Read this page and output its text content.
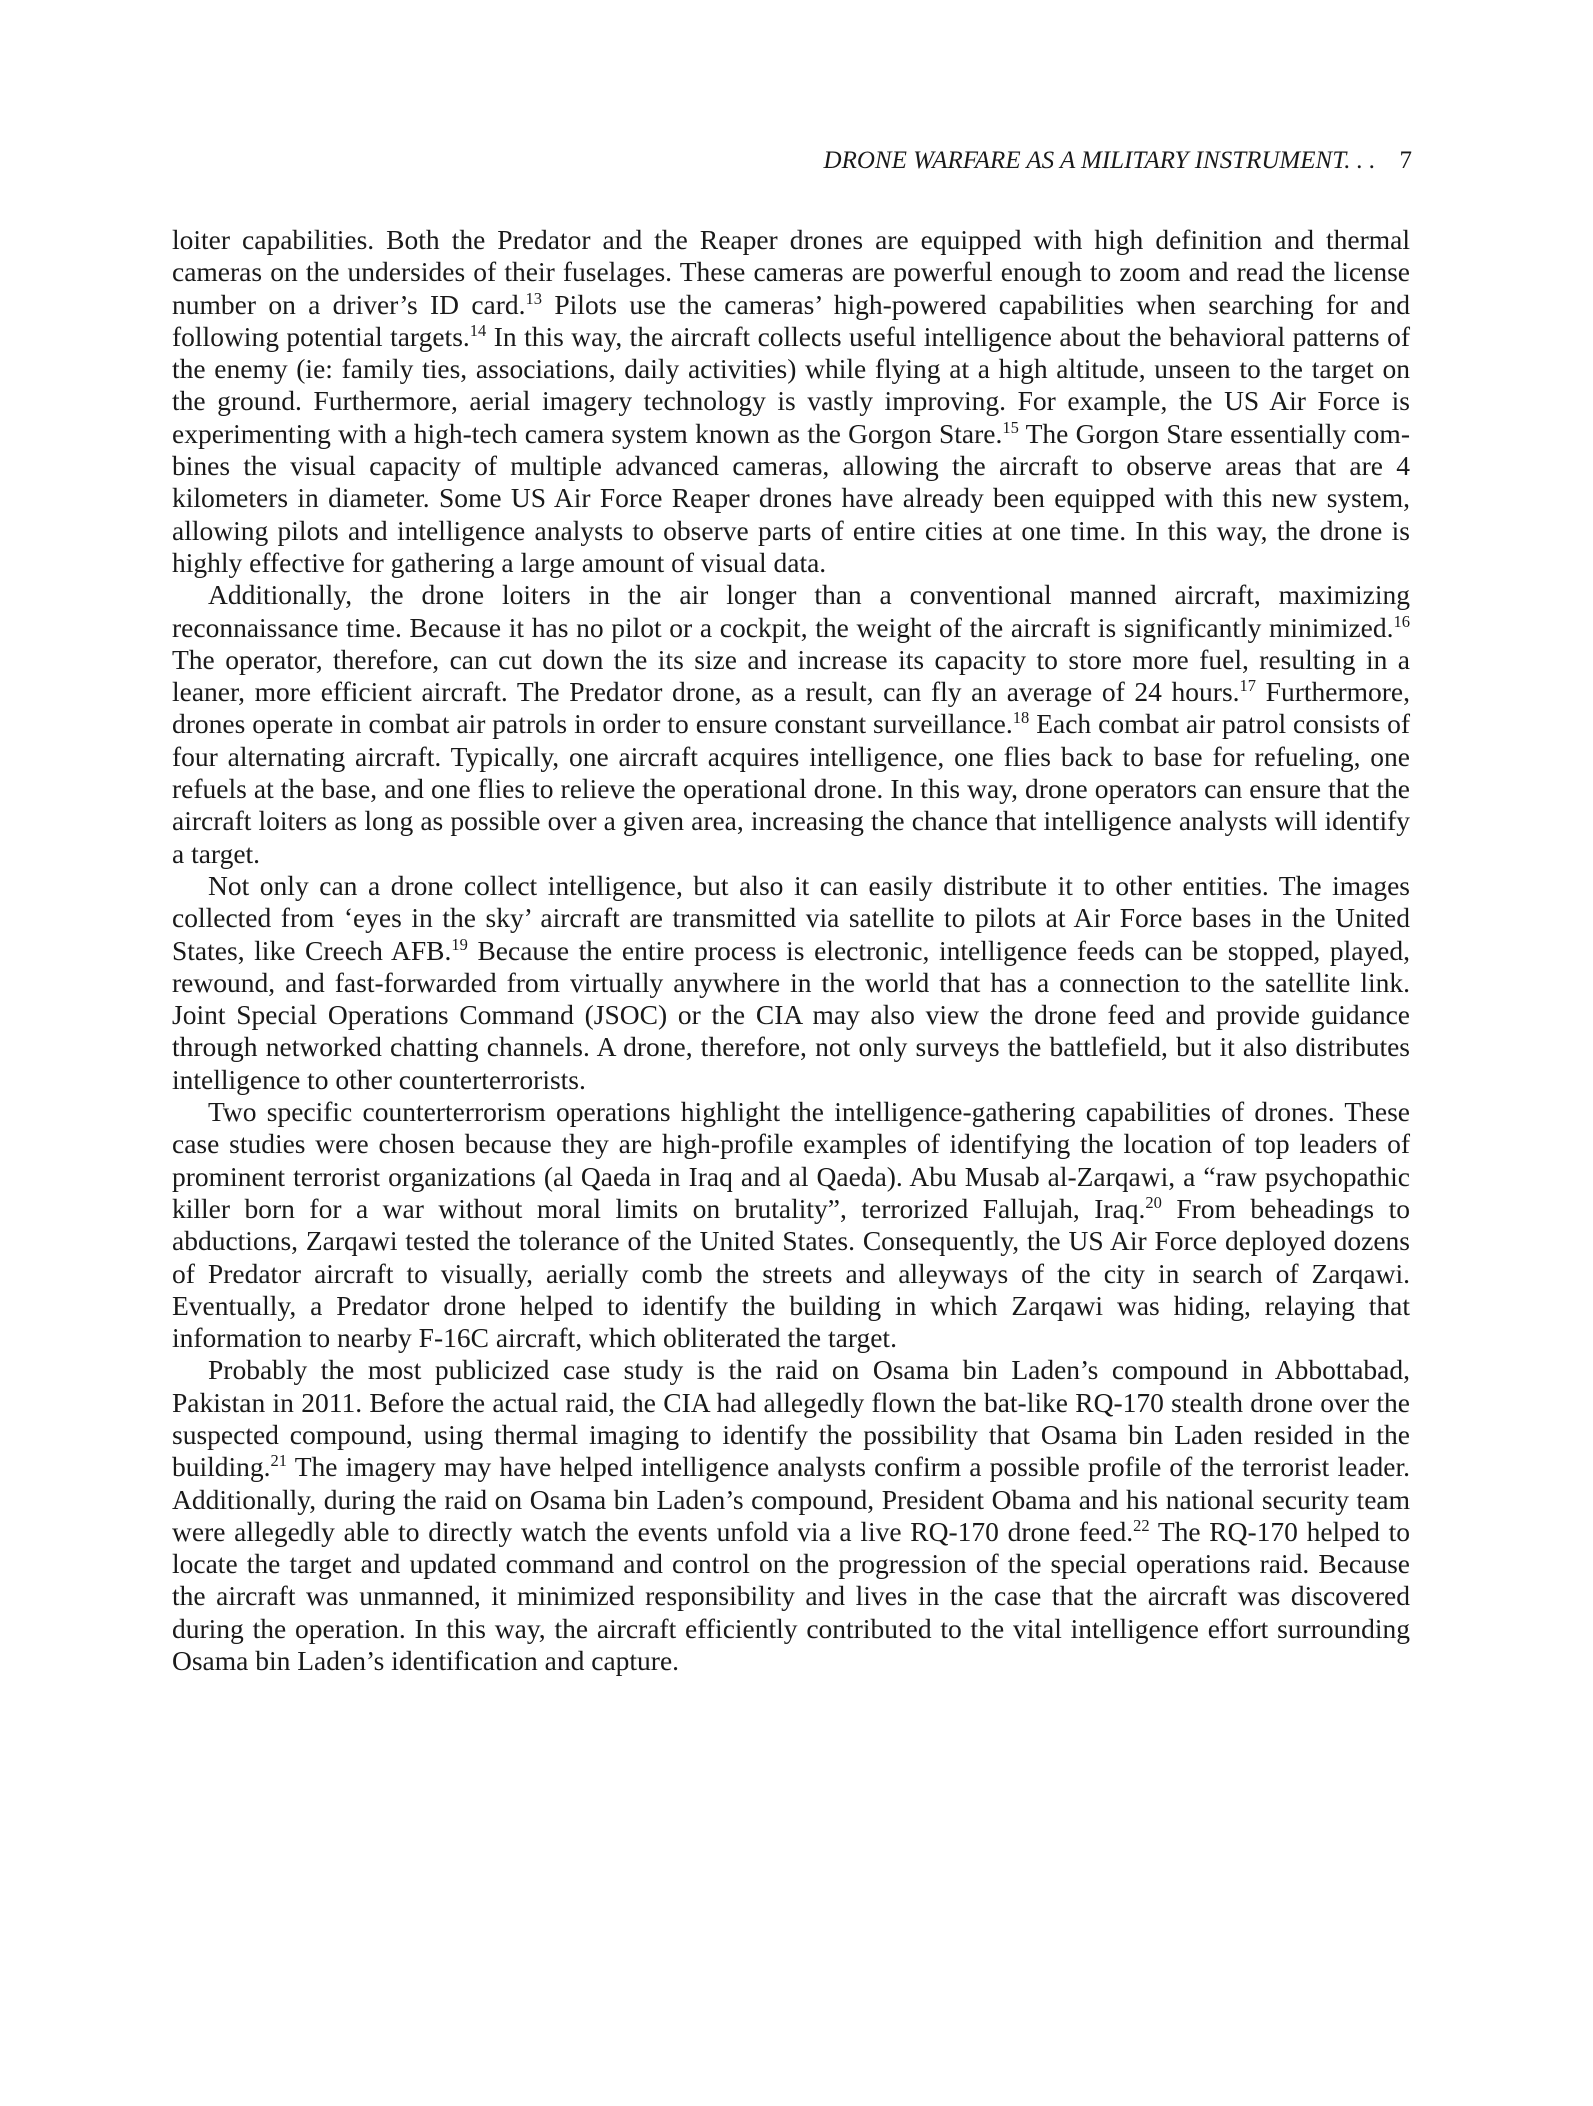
DRONE WARFARE AS A MILITARY INSTRUMENT. . . 7

loiter capabilities. Both the Predator and the Reaper drones are equipped with high definition and thermal cameras on the undersides of their fuselages. These cameras are powerful enough to zoom and read the license number on a driver’s ID card.$^{13}$ Pilots use the cameras’ high-powered capabilities when searching for and following potential targets.$^{14}$ In this way, the aircraft collects useful intelligence about the behavioral patterns of the enemy (ie: family ties, associations, daily activities) while flying at a high altitude, unseen to the target on the ground. Furthermore, aerial imagery technology is vastly improving. For example, the US Air Force is experimenting with a high-tech camera system known as the Gorgon Stare.$^{15}$ The Gorgon Stare essentially combines the visual capacity of multiple advanced cameras, allowing the aircraft to observe areas that are 4 kilometers in diameter. Some US Air Force Reaper drones have already been equipped with this new system, allowing pilots and intelligence analysts to observe parts of entire cities at one time. In this way, the drone is highly effective for gathering a large amount of visual data.

Additionally, the drone loiters in the air longer than a conventional manned aircraft, maximizing reconnaissance time. Because it has no pilot or a cockpit, the weight of the aircraft is significantly minimized.$^{16}$ The operator, therefore, can cut down the its size and increase its capacity to store more fuel, resulting in a leaner, more efficient aircraft. The Predator drone, as a result, can fly an average of 24 hours.$^{17}$ Furthermore, drones operate in combat air patrols in order to ensure constant surveillance.$^{18}$ Each combat air patrol consists of four alternating aircraft. Typically, one aircraft acquires intelligence, one flies back to base for refueling, one refuels at the base, and one flies to relieve the operational drone. In this way, drone operators can ensure that the aircraft loiters as long as possible over a given area, increasing the chance that intelligence analysts will identify a target.

Not only can a drone collect intelligence, but also it can easily distribute it to other entities. The images collected from ‘eyes in the sky’ aircraft are transmitted via satellite to pilots at Air Force bases in the United States, like Creech AFB.$^{19}$ Because the entire process is electronic, intelligence feeds can be stopped, played, rewound, and fast-forwarded from virtually anywhere in the world that has a connection to the satellite link. Joint Special Operations Command (JSOC) or the CIA may also view the drone feed and provide guidance through networked chatting channels. A drone, therefore, not only surveys the battlefield, but it also distributes intelligence to other counterterrorists.

Two specific counterterrorism operations highlight the intelligence-gathering capabilities of drones. These case studies were chosen because they are high-profile examples of identifying the location of top leaders of prominent terrorist organizations (al Qaeda in Iraq and al Qaeda). Abu Musab al-Zarqawi, a “raw psychopathic killer born for a war without moral limits on brutality”, terrorized Fallujah, Iraq.$^{20}$ From beheadings to abductions, Zarqawi tested the tolerance of the United States. Consequently, the US Air Force deployed dozens of Predator aircraft to visually, aerially comb the streets and alleyways of the city in search of Zarqawi. Eventually, a Predator drone helped to identify the building in which Zarqawi was hiding, relaying that information to nearby F-16C aircraft, which obliterated the target.

Probably the most publicized case study is the raid on Osama bin Laden’s compound in Abbottabad, Pakistan in 2011. Before the actual raid, the CIA had allegedly flown the bat-like RQ-170 stealth drone over the suspected compound, using thermal imaging to identify the possibility that Osama bin Laden resided in the building.$^{21}$ The imagery may have helped intelligence analysts confirm a possible profile of the terrorist leader. Additionally, during the raid on Osama bin Laden’s compound, President Obama and his national security team were allegedly able to directly watch the events unfold via a live RQ-170 drone feed.$^{22}$ The RQ-170 helped to locate the target and updated command and control on the progression of the special operations raid. Because the aircraft was unmanned, it minimized responsibility and lives in the case that the aircraft was discovered during the operation. In this way, the aircraft efficiently contributed to the vital intelligence effort surrounding Osama bin Laden’s identification and capture.
